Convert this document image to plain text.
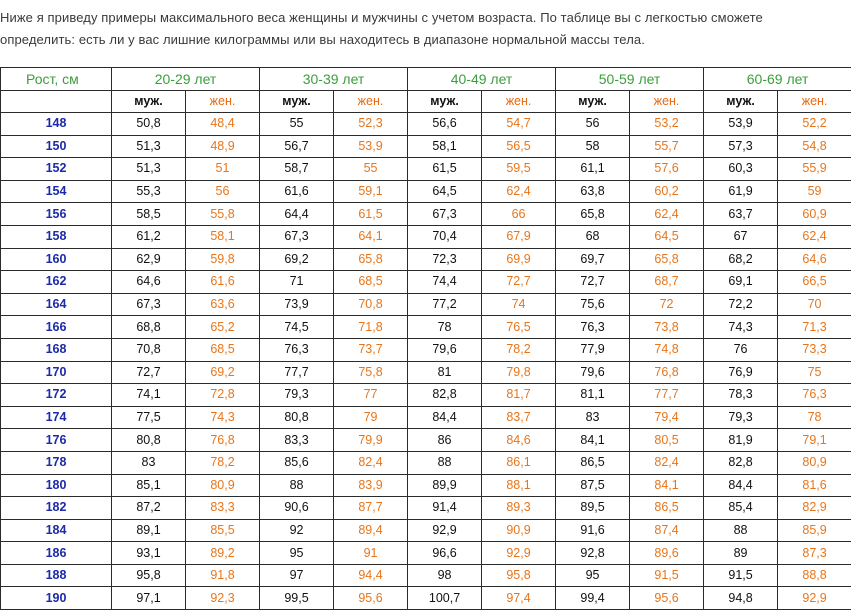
Ниже я приведу примеры максимального веса женщины и мужчины с учетом возраста. По таблице вы с легкостью сможете

определить: есть ли у вас лишние килограммы или вы находитесь в диапазоне нормальной массы тела.

Рост, см	20-29 лет		30-39 лет		40-49 лет		50-59 лет		60-69 лет	
	муж.	жен.	муж.	жен.	муж.	жен.	муж.	жен.	муж.	жен.
148	50,8	48,4	55	52,3	56,6	54,7	56	53,2	53,9	52,2
150	51,3	48,9	56,7	53,9	58,1	56,5	58	55,7	57,3	54,8
152	51,3	51	58,7	55	61,5	59,5	61,1	57,6	60,3	55,9
154	55,3	56	61,6	59,1	64,5	62,4	63,8	60,2	61,9	59
156	58,5	55,8	64,4	61,5	67,3	66	65,8	62,4	63,7	60,9
158	61,2	58,1	67,3	64,1	70,4	67,9	68	64,5	67	62,4
160	62,9	59,8	69,2	65,8	72,3	69,9	69,7	65,8	68,2	64,6
162	64,6	61,6	71	68,5	74,4	72,7	72,7	68,7	69,1	66,5
164	67,3	63,6	73,9	70,8	77,2	74	75,6	72	72,2	70
166	68,8	65,2	74,5	71,8	78	76,5	76,3	73,8	74,3	71,3
168	70,8	68,5	76,3	73,7	79,6	78,2	77,9	74,8	76	73,3
170	72,7	69,2	77,7	75,8	81	79,8	79,6	76,8	76,9	75
172	74,1	72,8	79,3	77	82,8	81,7	81,1	77,7	78,3	76,3
174	77,5	74,3	80,8	79	84,4	83,7	83	79,4	79,3	78
176	80,8	76,8	83,3	79,9	86	84,6	84,1	80,5	81,9	79,1
178	83	78,2	85,6	82,4	88	86,1	86,5	82,4	82,8	80,9
180	85,1	80,9	88	83,9	89,9	88,1	87,5	84,1	84,4	81,6
182	87,2	83,3	90,6	87,7	91,4	89,3	89,5	86,5	85,4	82,9
184	89,1	85,5	92	89,4	92,9	90,9	91,6	87,4	88	85,9
186	93,1	89,2	95	91	96,6	92,9	92,8	89,6	89	87,3
188	95,8	91,8	97	94,4	98	95,8	95	91,5	91,5	88,8
190	97,1	92,3	99,5	95,6	100,7	97,4	99,4	95,6	94,8	92,9
